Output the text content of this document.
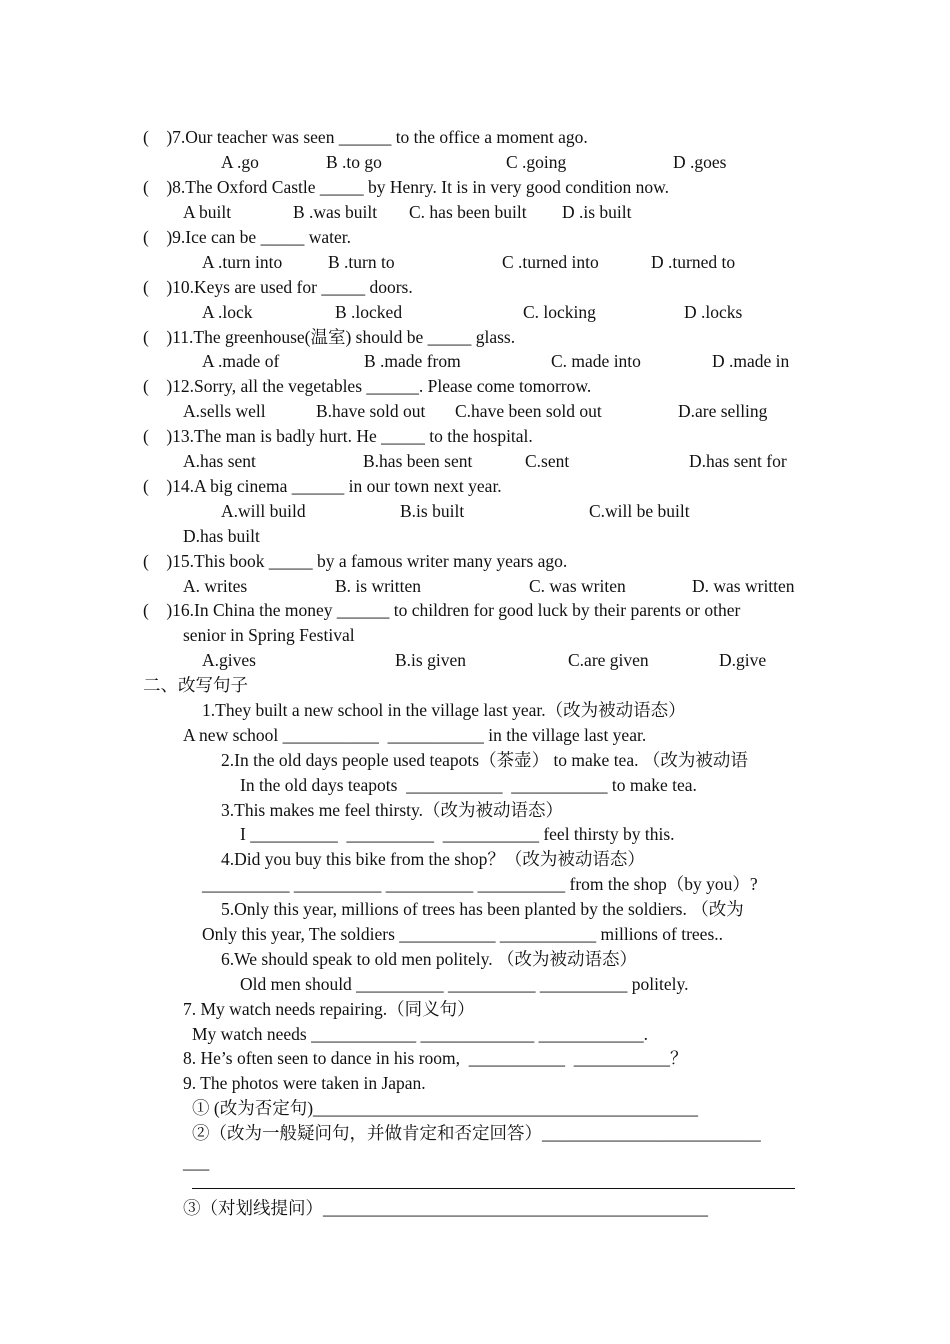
(    )7.Our teacher was seen ______ to the office a moment ago.
A .go	B .to go	C .going	D .goes
(    )8.The Oxford Castle _____ by Henry. It is in very good condition now.
A built	B .was built C. has been built D .is built
(    )9.Ice can be _____ water.
A .turn into	B .turn to	C .turned into	D .turned to
(    )10.Keys are used for _____ doors.
A .lock	B .locked	C. locking	D .locks
(    )11.The greenhouse(温室) should be _____ glass.
A .made of	B .made from	C. made into	D .made in
(    )12.Sorry, all the vegetables ______. Please come tomorrow.
A.sells well	B.have sold out C.have been sold out	D.are selling
(    )13.The man is badly hurt. He _____ to the hospital.
A.has sent	B.has been sent	C.sent	D.has sent for
(    )14.A big cinema ______ in our town next year.
A.will build	B.is built	C.will be built
D.has built
(    )15.This book _____ by a famous writer many years ago.
A. writes	B. is written	C. was writen	D. was written
(    )16.In China the money ______ to children for good luck by their parents or other
senior in Spring Festival
A.gives	B.is given	C.are given	D.give
二、改写句子
1.They built a new school in the village last year.（改为被动语态）
A new school ___________  ___________ in the village last year.
2.In the old days people used teapots（茶壶） to make tea. （改为被动语
In the old days teapots  ___________  ___________ to make tea.
3.This makes me feel thirsty.（改为被动语态）
I __________  __________  ___________ feel thirsty by this.
4.Did you buy this bike from the shop？（改为被动语态）
__________ __________ __________ __________ from the shop（by you）?
5.Only this year, millions of trees has been planted by the soldiers. （改为
Only this year, The soldiers ___________ ___________ millions of trees..
6.We should speak to old men politely. （改为被动语态）
Old men should __________ __________ __________ politely.
7. My watch needs repairing.（同义句）
My watch needs ____________ _____________ ____________.
8. He’s often seen to dance in his room,  ___________  ___________？
9. The photos were taken in Japan.
① (改为否定句)____________________________________________
②（改为一般疑问句，并做肯定和否定回答）_________________________
___
③（对划线提问）____________________________________________
